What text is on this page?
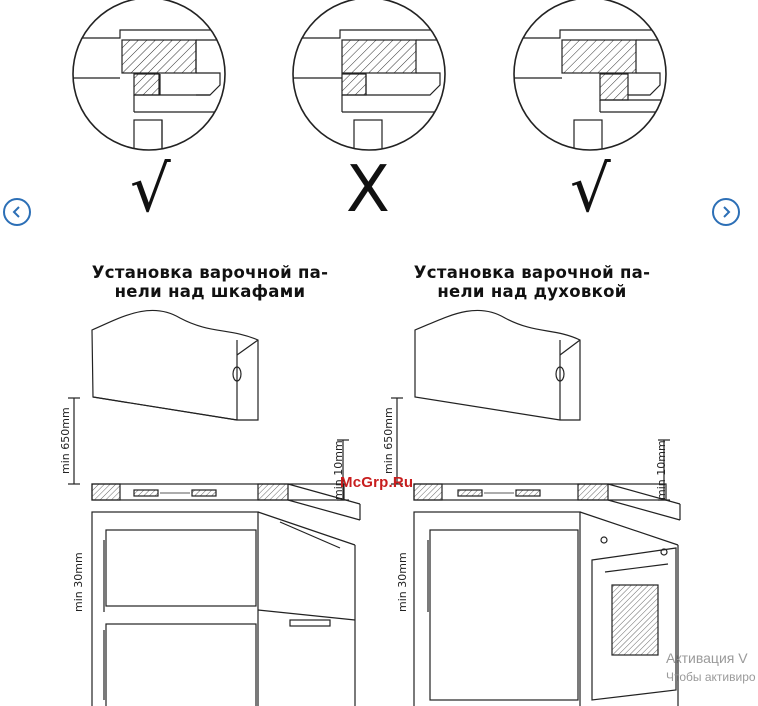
min 650mm	min 10mm
min 30mm
min 650mm	min 10mm
min 30mm
√	X	√
Установка варочной па-
нели над шкафами
Установка варочной па-
нели над духовкой
McGrp.Ru
Активация V
Чтобы активиро
